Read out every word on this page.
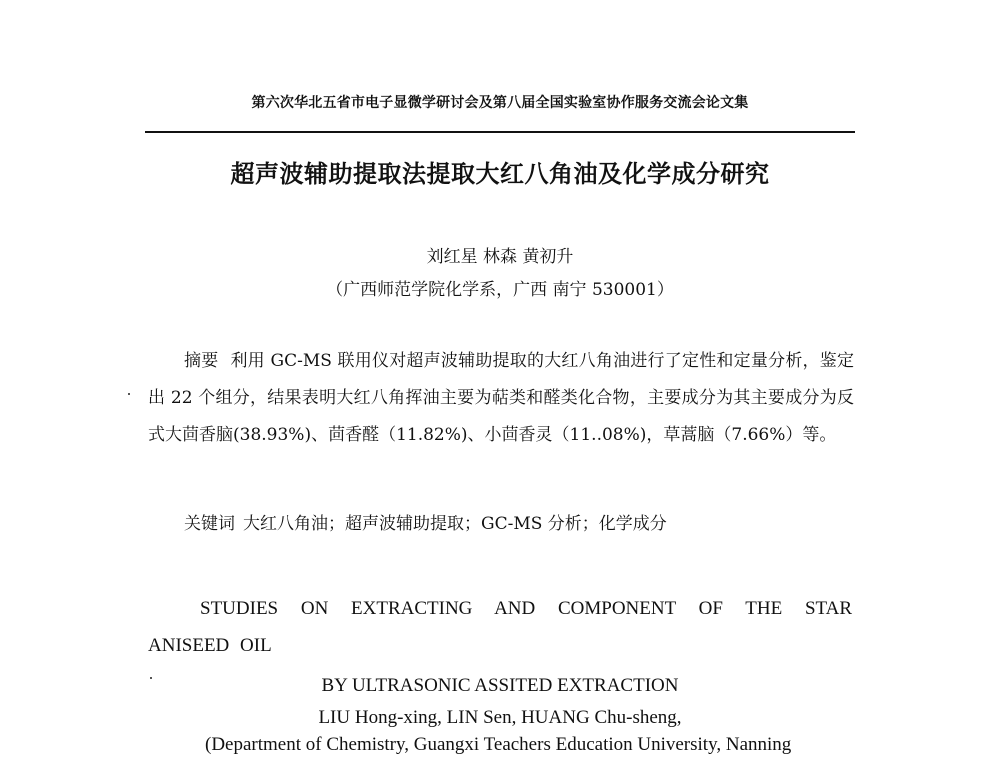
第六次华北五省市电子显微学研讨会及第八届全国实验室协作服务交流会论文集
超声波辅助提取法提取大红八角油及化学成分研究
刘红星 林森 黄初升
（广西师范学院化学系，广西 南宁 530001）

摘要 利用 GC-MS 联用仪对超声波辅助提取的大红八角油进行了定性和定量分析，鉴定出 22 个组分，结果表明大红八角挥油主要为萜类和醛类化合物，主要成分为其主要成分为反式大茴香脑(38.93%)、茴香醛（11.82%)、小茴香灵（11..08%)，草蒿脑（7.66%）等。

关键词 大红八角油；超声波辅助提取；GC-MS 分析；化学成分

STUDIES ON EXTRACTING AND COMPONENT OF THE STAR ANISEED OIL

BY ULTRASONIC ASSITED EXTRACTION
LIU Hong-xing, LIN Sen, HUANG Chu-sheng,
(Department of Chemistry, Guangxi Teachers Education University, Nanning
